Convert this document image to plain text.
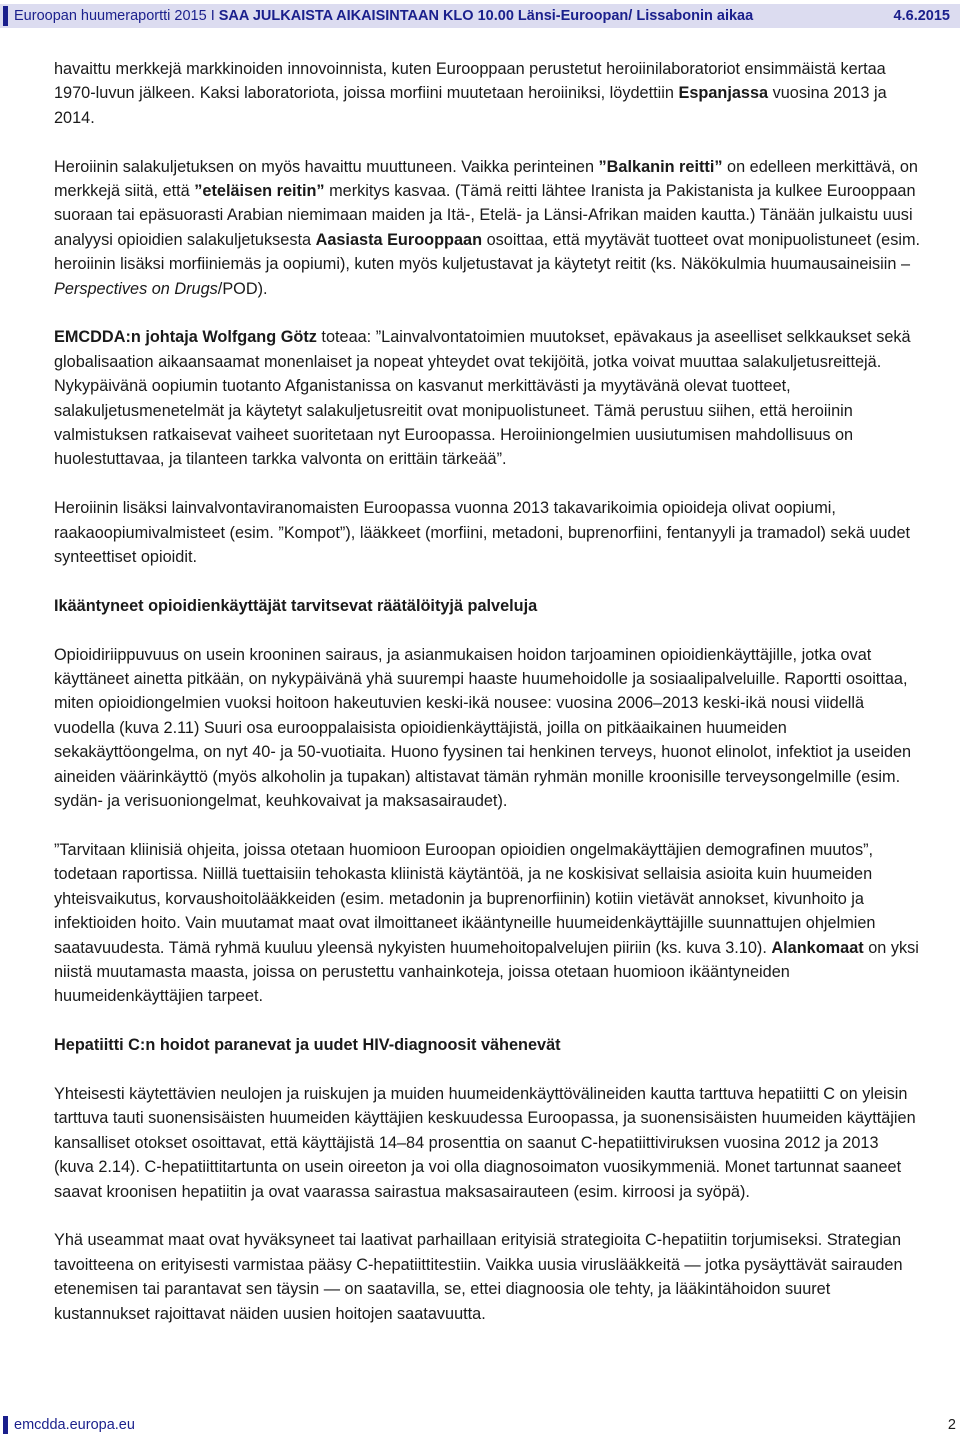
Euroopan huumeraportti 2015 I SAA JULKAISTA AIKAISINTAAN KLO 10.00 Länsi-Euroopan/ Lissabonin aikaa	4.6.2015

havaittu merkkejä markkinoiden innovoinnista, kuten Eurooppaan perustetut heroiinilaboratoriot ensimmäistä kertaa 1970-luvun jälkeen. Kaksi laboratoriota, joissa morfiini muutetaan heroiiniksi, löydettiin Espanjassa vuosina 2013 ja 2014.

Heroiinin salakuljetuksen on myös havaittu muuttuneen. Vaikka perinteinen ”Balkanin reitti” on edelleen merkittävä, on merkkejä siitä, että ”eteläisen reitin” merkitys kasvaa. (Tämä reitti lähtee Iranista ja Pakistanista ja kulkee Eurooppaan suoraan tai epäsuorasti Arabian niemimaan maiden ja Itä-, Etelä- ja Länsi-Afrikan maiden kautta.) Tänään julkaistu uusi analyysi opioidien salakuljetuksesta Aasiasta Eurooppaan osoittaa, että myytävät tuotteet ovat monipuolistuneet (esim. heroiinin lisäksi morfiiniemäs ja oopiumi), kuten myös kuljetustavat ja käytetyt reitit (ks. Näkökulmia huumausaineisiin – Perspectives on Drugs/POD).

EMCDDA:n johtaja Wolfgang Götz toteaa: ”Lainvalvontatoimien muutokset, epävakaus ja aseelliset selkkaukset sekä globalisaation aikaansaamat monenlaiset ja nopeat yhteydet ovat tekijöitä, jotka voivat muuttaa salakuljetusreittejä. Nykypäivänä oopiumin tuotanto Afganistanissa on kasvanut merkittävästi ja myytävänä olevat tuotteet, salakuljetusmenetelmät ja käytetyt salakuljetusreitit ovat monipuolistuneet. Tämä perustuu siihen, että heroiinin valmistuksen ratkaisevat vaiheet suoritetaan nyt Euroopassa. Heroiiniongelmien uusiutumisen mahdollisuus on huolestuttavaa, ja tilanteen tarkka valvonta on erittäin tärkeää”.

Heroiinin lisäksi lainvalvontaviranomaisten Euroopassa vuonna 2013 takavarikoimia opioideja olivat oopiumi, raakaoopiumivalmisteet (esim. ”Kompot”), lääkkeet (morfiini, metadoni, buprenorfiini, fentanyyli ja tramadol) sekä uudet synteettiset opioidit.

Ikääntyneet opioidienkäyttäjät tarvitsevat räätälöityjä palveluja

Opioidiriippuvuus on usein krooninen sairaus, ja asianmukaisen hoidon tarjoaminen opioidienkäyttäjille, jotka ovat käyttäneet ainetta pitkään, on nykypäivänä yhä suurempi haaste huumehoidolle ja sosiaalipalveluille. Raportti osoittaa, miten opioidiongelmien vuoksi hoitoon hakeutuvien keski-ikä nousee: vuosina 2006–2013 keski-ikä nousi viidellä vuodella (kuva 2.11) Suuri osa eurooppalaisista opioidienkäyttäjistä, joilla on pitkäaikainen huumeiden sekakäyttöongelma, on nyt 40- ja 50-vuotiaita. Huono fyysinen tai henkinen terveys, huonot elinolot, infektiot ja useiden aineiden väärinkäyttö (myös alkoholin ja tupakan) altistavat tämän ryhmän monille kroonisille terveysongelmille (esim. sydän- ja verisuoniongelmat, keuhkovaivat ja maksasairaudet).

”Tarvitaan kliinisiä ohjeita, joissa otetaan huomioon Euroopan opioidien ongelmakäyttäjien demografinen muutos”, todetaan raportissa. Niillä tuettaisiin tehokasta kliinistä käytäntöä, ja ne koskisivat sellaisia asioita kuin huumeiden yhteisvaikutus, korvaushoitolääkkeiden (esim. metadonin ja buprenorfiinin) kotiin vietävät annokset, kivunhoito ja infektioiden hoito. Vain muutamat maat ovat ilmoittaneet ikääntyneille huumeidenkäyttäjille suunnattujen ohjelmien saatavuudesta. Tämä ryhmä kuuluu yleensä nykyisten huumehoitopalvelujen piiriin (ks. kuva 3.10). Alankomaat on yksi niistä muutamasta maasta, joissa on perustettu vanhainkoteja, joissa otetaan huomioon ikääntyneiden huumeidenkäyttäjien tarpeet.

Hepatiitti C:n hoidot paranevat ja uudet HIV-diagnoosit vähenevät

Yhteisesti käytettävien neulojen ja ruiskujen ja muiden huumeidenkäyttövälineiden kautta tarttuva hepatiitti C on yleisin tarttuva tauti suonensisäisten huumeiden käyttäjien keskuudessa Euroopassa, ja suonensisäisten huumeiden käyttäjien kansalliset otokset osoittavat, että käyttäjistä 14–84 prosenttia on saanut C-hepatiittiviruksen vuosina 2012 ja 2013 (kuva 2.14). C-hepatiittitartunta on usein oireeton ja voi olla diagnosoimaton vuosikymmeniä. Monet tartunnat saaneet saavat kroonisen hepatiitin ja ovat vaarassa sairastua maksasairauteen (esim. kirroosi ja syöpä).

Yhä useammat maat ovat hyväksyneet tai laativat parhaillaan erityisiä strategioita C-hepatiitin torjumiseksi. Strategian tavoitteena on erityisesti varmistaa pääsy C-hepatiittitestiin. Vaikka uusia viruslääkkeitä — jotka pysäyttävät sairauden etenemisen tai parantavat sen täysin — on saatavilla, se, ettei diagnoosia ole tehty, ja lääkintähoidon suuret kustannukset rajoittavat näiden uusien hoitojen saatavuutta.

emcdda.europa.eu	2
